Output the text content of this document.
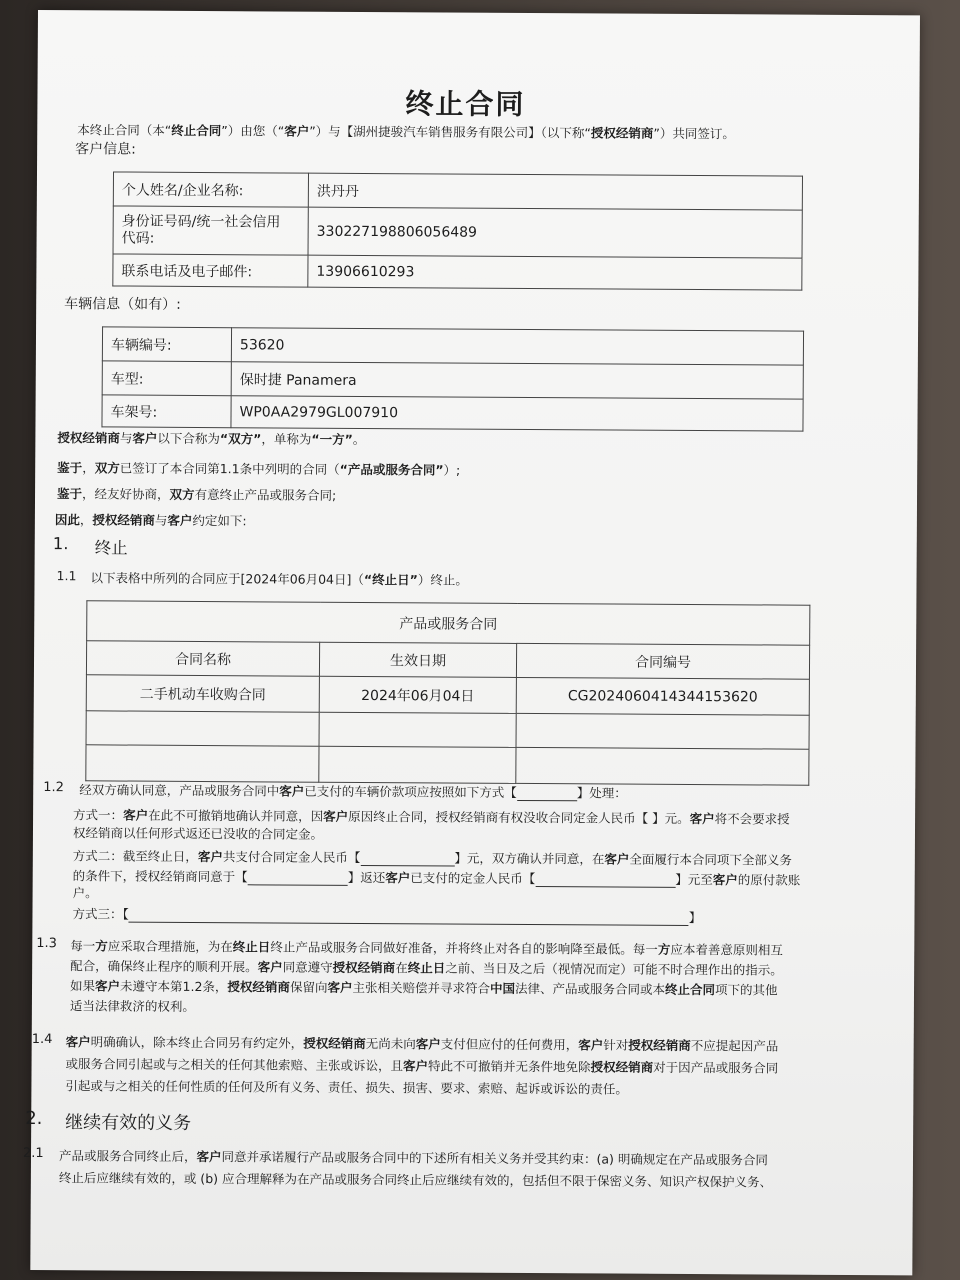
终止合同
本终止合同（本“终止合同”）由您（“客户”）与【湖州捷骏汽车销售服务有限公司】（以下称“授权经销商”）共同签订。
客户信息:
个人姓名/企业名称:	洪丹丹
身份证号码/统一社会信用
代码:	330227198806056489
联系电话及电子邮件:	13906610293
车辆信息（如有）:
车辆编号:	53620
车型:	保时捷 Panamera
车架号:	WP0AA2979GL007910
授权经销商与客户以下合称为“双方”，单称为“一方”。
鉴于，双方已签订了本合同第1.1条中列明的合同（“产品或服务合同”）;
鉴于，经友好协商，双方有意终止产品或服务合同;
因此，授权经销商与客户约定如下:
1. 终止
1.1 以下表格中所列的合同应于[2024年06月04日]（“终止日”）终止。
产品或服务合同		
合同名称	生效日期	合同编号
二手机动车收购合同	2024年06月04日	CG2024060414344153620

1.2 经双方确认同意，产品或服务合同中客户已支付的车辆价款项应按照如下方式【	】处理：
方式一：客户在此不可撤销地确认并同意，因客户原因终止合同，授权经销商有权没收合同定金人民币【 】元。客户将不会要求授
权经销商以任何形式返还已没收的合同定金。
方式二：截至终止日，客户共支付合同定金人民币【	】元，双方确认并同意，在客户全面履行本合同项下全部义务
的条件下，授权经销商同意于【	】返还客户已支付的定金人民币【	】元至客户的原付款账
户。
方式三：【	】
1.3 每一方应采取合理措施，为在终止日终止产品或服务合同做好准备，并将终止对各自的影响降至最低。每一方应本着善意原则相互
配合，确保终止程序的顺利开展。客户同意遵守授权经销商在终止日之前、当日及之后（视情况而定）可能不时合理作出的指示。
如果客户未遵守本第1.2条，授权经销商保留向客户主张相关赔偿并寻求符合中国法律、产品或服务合同或本终止合同项下的其他
适当法律救济的权利。
1.4 客户明确确认，除本终止合同另有约定外，授权经销商无尚未向客户支付但应付的任何费用，客户针对授权经销商不应提起因产品
或服务合同引起或与之相关的任何其他索赔、主张或诉讼，且客户特此不可撤销并无条件地免除授权经销商对于因产品或服务合同
引起或与之相关的任何性质的任何及所有义务、责任、损失、损害、要求、索赔、起诉或诉讼的责任。
2. 继续有效的义务
2.1 产品或服务合同终止后，客户同意并承诺履行产品或服务合同中的下述所有相关义务并受其约束：(a) 明确规定在产品或服务合同
终止后应继续有效的，或 (b) 应合理解释为在产品或服务合同终止后应继续有效的，包括但不限于保密义务、知识产权保护义务、
